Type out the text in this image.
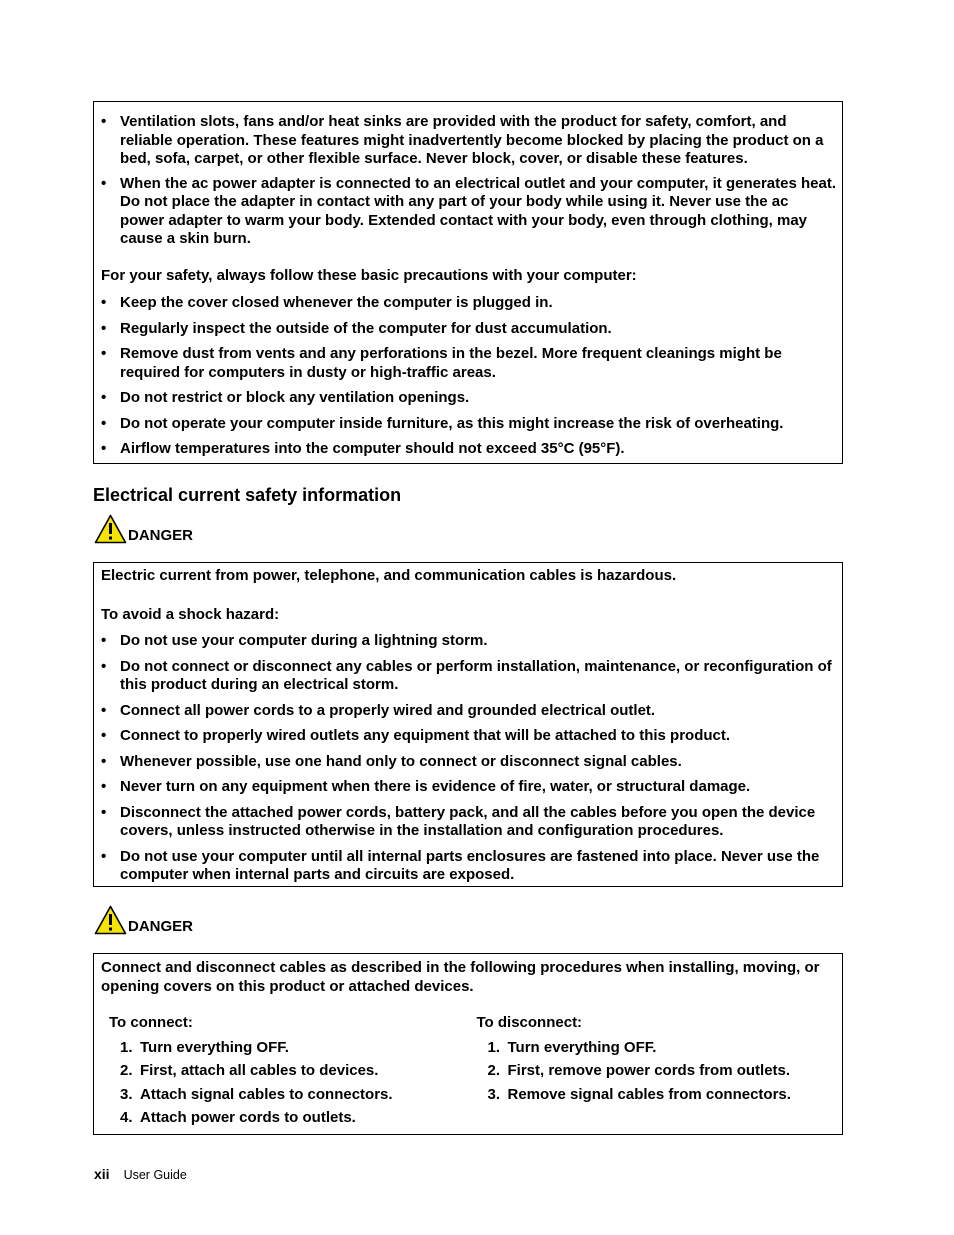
• Ventilation slots, fans and/or heat sinks are provided with the product for safety, comfort, and reliable operation. These features might inadvertently become blocked by placing the product on a bed, sofa, carpet, or other flexible surface. Never block, cover, or disable these features.
• When the ac power adapter is connected to an electrical outlet and your computer, it generates heat. Do not place the adapter in contact with any part of your body while using it. Never use the ac power adapter to warm your body. Extended contact with your body, even through clothing, may cause a skin burn.

For your safety, always follow these basic precautions with your computer:

• Keep the cover closed whenever the computer is plugged in.
• Regularly inspect the outside of the computer for dust accumulation.
• Remove dust from vents and any perforations in the bezel. More frequent cleanings might be required for computers in dusty or high-traffic areas.
• Do not restrict or block any ventilation openings.
• Do not operate your computer inside furniture, as this might increase the risk of overheating.
• Airflow temperatures into the computer should not exceed 35°C (95°F).
Electrical current safety information
DANGER

Electric current from power, telephone, and communication cables is hazardous.

To avoid a shock hazard:

• Do not use your computer during a lightning storm.
• Do not connect or disconnect any cables or perform installation, maintenance, or reconfiguration of this product during an electrical storm.
• Connect all power cords to a properly wired and grounded electrical outlet.
• Connect to properly wired outlets any equipment that will be attached to this product.
• Whenever possible, use one hand only to connect or disconnect signal cables.
• Never turn on any equipment when there is evidence of fire, water, or structural damage.
• Disconnect the attached power cords, battery pack, and all the cables before you open the device covers, unless instructed otherwise in the installation and configuration procedures.
• Do not use your computer until all internal parts enclosures are fastened into place. Never use the computer when internal parts and circuits are exposed.
DANGER

Connect and disconnect cables as described in the following procedures when installing, moving, or opening covers on this product or attached devices.

To connect:
1. Turn everything OFF.
2. First, attach all cables to devices.
3. Attach signal cables to connectors.
4. Attach power cords to outlets.
To disconnect:
1. Turn everything OFF.
2. First, remove power cords from outlets.
3. Remove signal cables from connectors.
xii User Guide
